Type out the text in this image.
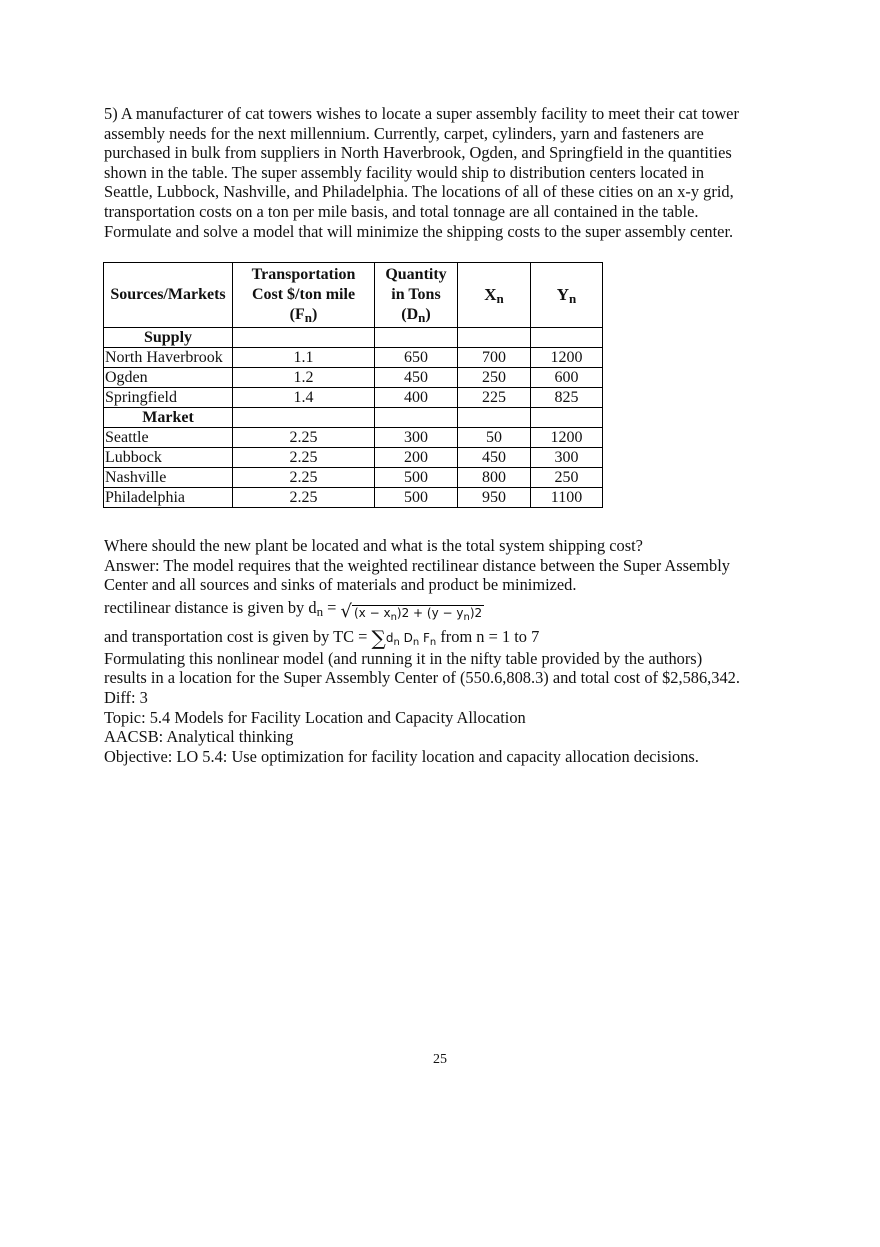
5) A manufacturer of cat towers wishes to locate a super assembly facility to meet their cat tower
assembly needs for the next millennium. Currently, carpet, cylinders, yarn and fasteners are
purchased in bulk from suppliers in North Haverbrook, Ogden, and Springfield in the quantities
shown in the table. The super assembly facility would ship to distribution centers located in
Seattle, Lubbock, Nashville, and Philadelphia. The locations of all of these cities on an x-y grid,
transportation costs on a ton per mile basis, and total tonnage are all contained in the table.
Formulate and solve a model that will minimize the shipping costs to the super assembly center.
Sources/Markets	Transportation
Cost $/ton mile
(Fn)	Quantity
in Tons
(Dn)	Xn	Yn
Supply				
North Haverbrook	1.1	650	700	1200
Ogden	1.2	450	250	600
Springfield	1.4	400	225	825
Market				
Seattle	2.25	300	50	1200
Lubbock	2.25	200	450	300
Nashville	2.25	500	800	250
Philadelphia	2.25	500	950	1100
Where should the new plant be located and what is the total system shipping cost?
Answer: The model requires that the weighted rectilinear distance between the Super Assembly
Center and all sources and sinks of materials and product be minimized.
rectilinear distance is given by dn = √ $(x - x_n)2 + (y - y_n)2$
and transportation cost is given by TC = $\sum d_n$ $D_n$ $F_n$ from n = 1 to 7
Formulating this nonlinear model (and running it in the nifty table provided by the authors)
results in a location for the Super Assembly Center of (550.6,808.3) and total cost of $2,586,342.
Diff: 3
Topic: 5.4 Models for Facility Location and Capacity Allocation
AACSB: Analytical thinking
Objective: LO 5.4: Use optimization for facility location and capacity allocation decisions.
25
